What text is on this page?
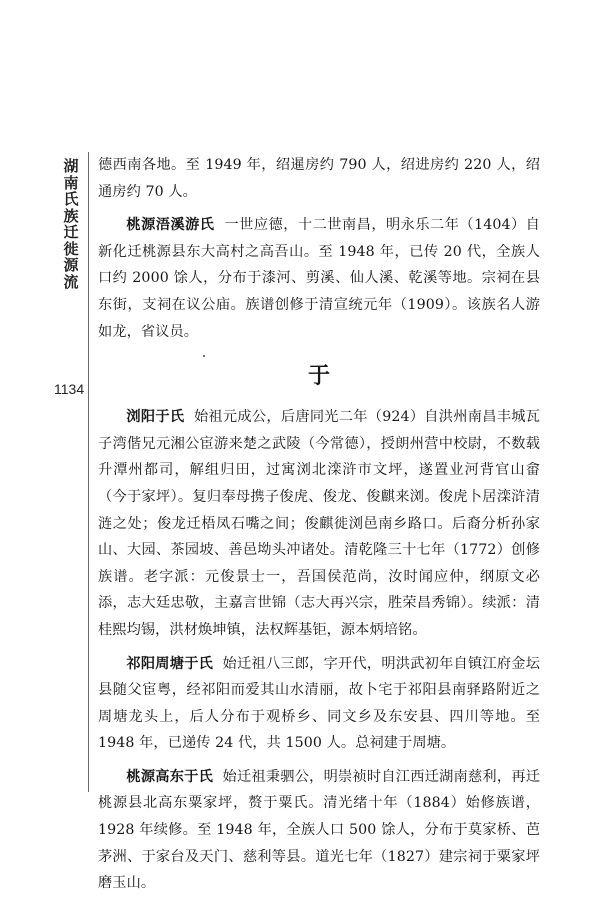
湖南氏族迁徙源流
1134

德西南各地。至 1949 年，绍暹房约 790 人，绍进房约 220 人，绍通房约 70 人。

桃源浯溪游氏 一世应德，十二世南昌，明永乐二年（1404）自新化迁桃源县东大高村之高吾山。至 1948 年，已传 20 代，全族人口约 2000 馀人，分布于漆河、剪溪、仙人溪、乾溪等地。宗祠在县东街，支祠在议公庙。族谱创修于清宣统元年（1909）。该族名人游如龙，省议员。

于

浏阳于氏 始祖元成公，后唐同光二年（924）自洪州南昌丰城瓦子湾偕兄元湘公宦游来楚之武陵（今常德），授朗州营中校尉，不数载升潭州都司，解组归田，过寓浏北滦浒市文坪，遂置业河背官山畲（今于家坪）。复归奉母携子俊虎、俊龙、俊麒来浏。俊虎卜居滦浒清涟之处；俊龙迁梧凤石嘴之间；俊麒徙浏邑南乡路口。后裔分析孙家山、大园、茶园坡、善邑坳头冲诸处。清乾隆三十七年（1772）创修族谱。老字派：元俊景士一，吾国侯范尚，汝时闻应仲，纲原文必添，志大廷忠敬，主嘉言世锦（志大再兴宗，胜荣昌秀锦）。续派：清桂熙均锡，洪材焕坤镇，法权辉基钜，源本炳培铭。

祁阳周塘于氏 始迁祖八三郎，字开代，明洪武初年自镇江府金坛县随父宦粤，经祁阳而爱其山水清丽，故卜宅于祁阳县南驿路附近之周塘龙头上，后人分布于观桥乡、同文乡及东安县、四川等地。至 1948 年，已递传 24 代，共 1500 人。总祠建于周塘。

桃源高东于氏 始迁祖秉驷公，明崇祯时自江西迁湖南慈利，再迁桃源县北高东粟家坪，赘于粟氏。清光绪十年（1884）始修族谱，1928 年续修。至 1948 年，全族人口 500 馀人，分布于莫家桥、芭茅洲、于家台及天门、慈利等县。道光七年（1827）建宗祠于粟家坪磨玉山。
